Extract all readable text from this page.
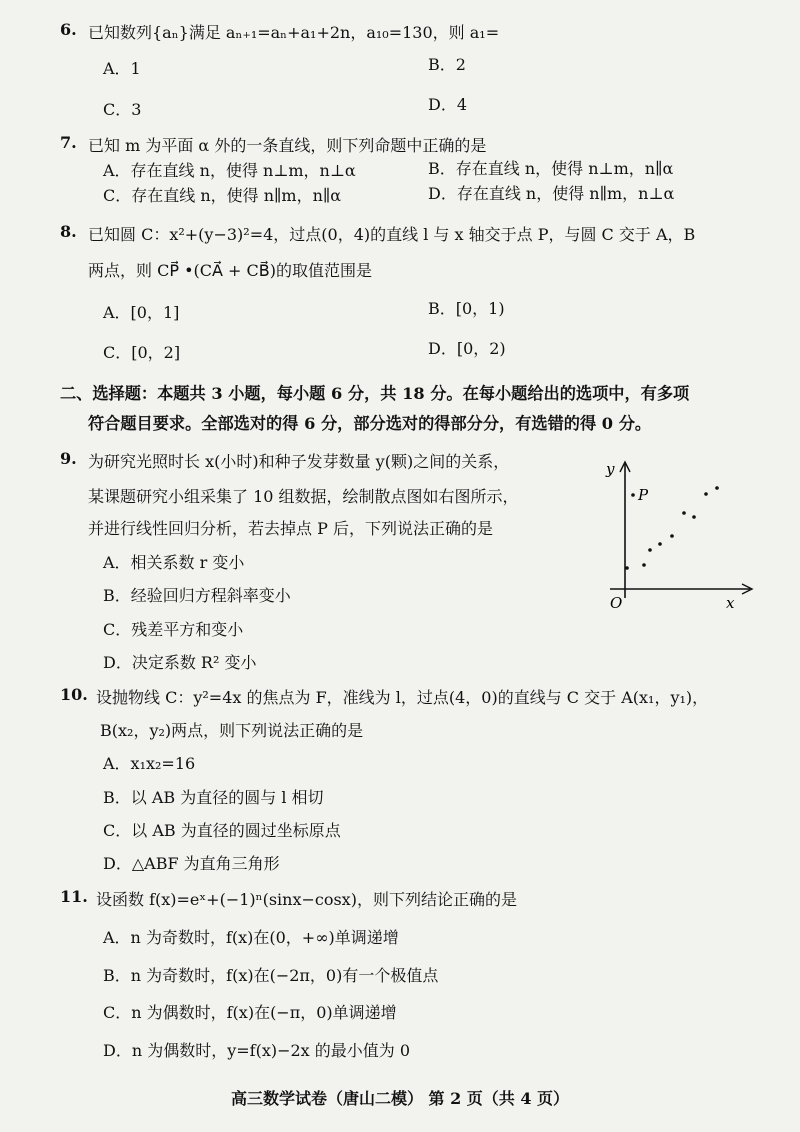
6. 已知数列{aₙ}满足 aₙ₊₁=aₙ+a₁+2n，a₁₀=130，则 a₁=
A．1	B．2
C．3	D．4
7. 已知 m 为平面 α 外的一条直线，则下列命题中正确的是
A．存在直线 n，使得 n⊥m，n⊥α	B．存在直线 n，使得 n⊥m，n∥α
C．存在直线 n，使得 n∥m，n∥α	D．存在直线 n，使得 n∥m，n⊥α
8. 已知圆 C：x²+(y−3)²=4，过点(0，4)的直线 l 与 x 轴交于点 P，与圆 C 交于 A，B
两点，则 CP⃗ •(CA⃗ + CB⃗)的取值范围是
A．[0，1]	B．[0，1)
C．[0，2]	D．[0，2)
二、选择题：本题共 3 小题，每小题 6 分，共 18 分。在每小题给出的选项中，有多项
符合题目要求。全部选对的得 6 分，部分选对的得部分分，有选错的得 0 分。
9. 为研究光照时长 x(小时)和种子发芽数量 y(颗)之间的关系，
某课题研究小组采集了 10 组数据，绘制散点图如右图所示，
并进行线性回归分析，若去掉点 P 后，下列说法正确的是
A．相关系数 r 变小
B．经验回归方程斜率变小
C．残差平方和变小
D．决定系数 R² 变小
y
x
O
P
10. 设抛物线 C：y²=4x 的焦点为 F，准线为 l，过点(4，0)的直线与 C 交于 A(x₁，y₁)，
B(x₂，y₂)两点，则下列说法正确的是
A．x₁x₂=16
B．以 AB 为直径的圆与 l 相切
C．以 AB 为直径的圆过坐标原点
D．△ABF 为直角三角形
11. 设函数 f(x)=eˣ+(−1)ⁿ(sinx−cosx)，则下列结论正确的是
A．n 为奇数时，f(x)在(0，+∞)单调递增
B．n 为奇数时，f(x)在(−2π，0)有一个极值点
C．n 为偶数时，f(x)在(−π，0)单调递增
D．n 为偶数时，y=f(x)−2x 的最小值为 0
高三数学试卷（唐山二模） 第 2 页（共 4 页）
